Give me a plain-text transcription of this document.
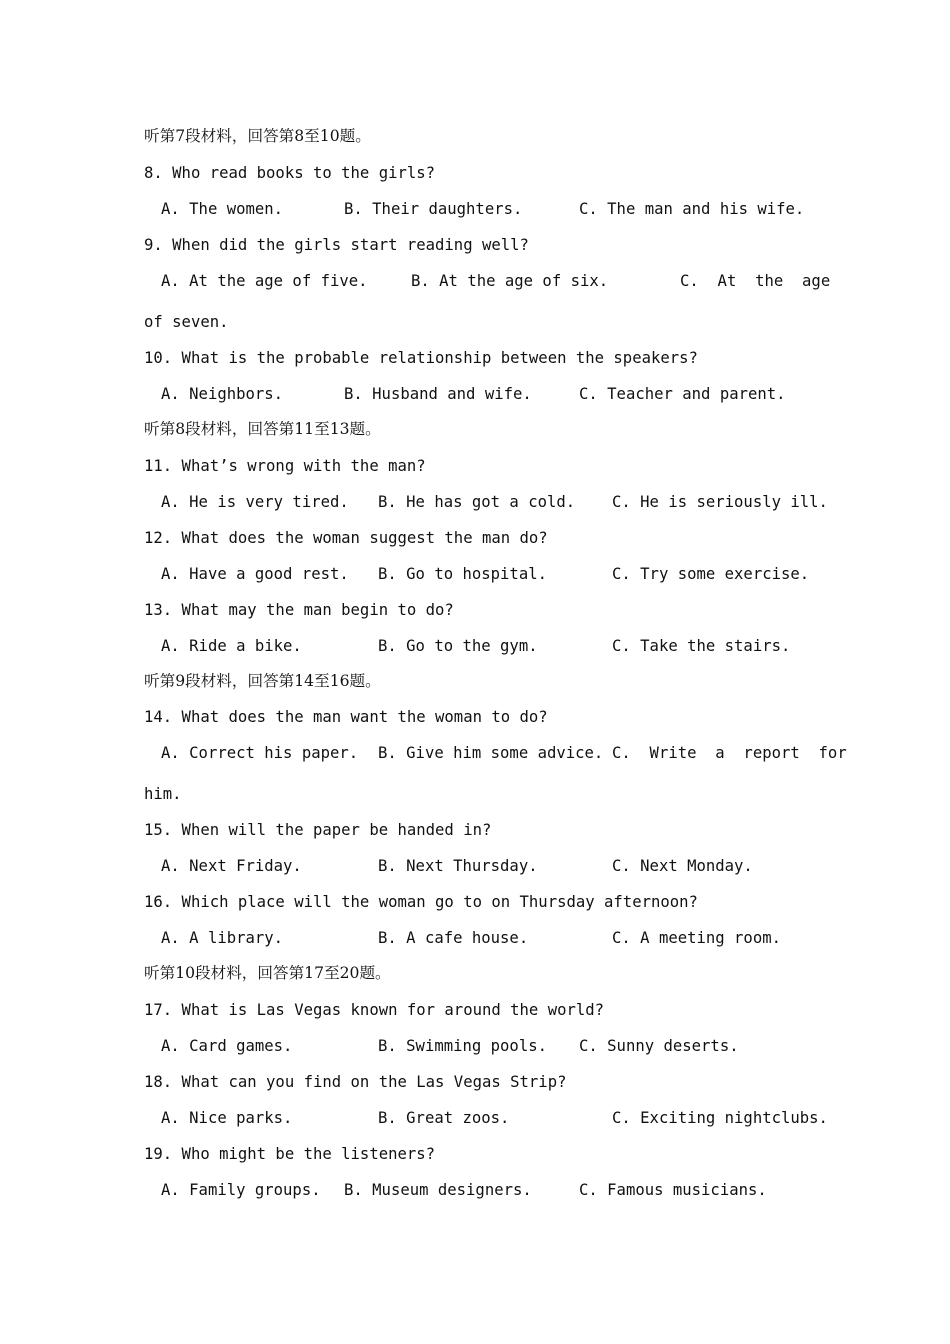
听第7段材料，回答第8至10题。
8. Who read books to the girls?
A. The women.	B. Their daughters.	C. The man and his wife.
9. When did the girls start reading well?
A. At the age of five.	B. At the age of six.	C.  At  the  age
of seven.
10. What is the probable relationship between the speakers?
A. Neighbors.	B. Husband and wife.	C. Teacher and parent.
听第8段材料，回答第11至13题。
11. What’s wrong with the man?
A. He is very tired. B. He has got a cold. C. He is seriously ill.
12. What does the woman suggest the man do?
A. Have a good rest. B. Go to hospital.	C. Try some exercise.
13. What may the man begin to do?
A. Ride a bike.	B. Go to the gym.	C. Take the stairs.
听第9段材料，回答第14至16题。
14. What does the man want the woman to do?
A. Correct his paper. B. Give him some advice. C.  Write  a  report  for
him.
15. When will the paper be handed in?
A. Next Friday.	B. Next Thursday.	C. Next Monday.
16. Which place will the woman go to on Thursday afternoon?
A. A library.	B. A cafe house.	C. A meeting room.
听第10段材料，回答第17至20题。
17. What is Las Vegas known for around the world?
A. Card games.	B. Swimming pools. C. Sunny deserts.
18. What can you find on the Las Vegas Strip?
A. Nice parks.	B. Great zoos.	C. Exciting nightclubs.
19. Who might be the listeners?
A. Family groups. B. Museum designers.	C. Famous musicians.
